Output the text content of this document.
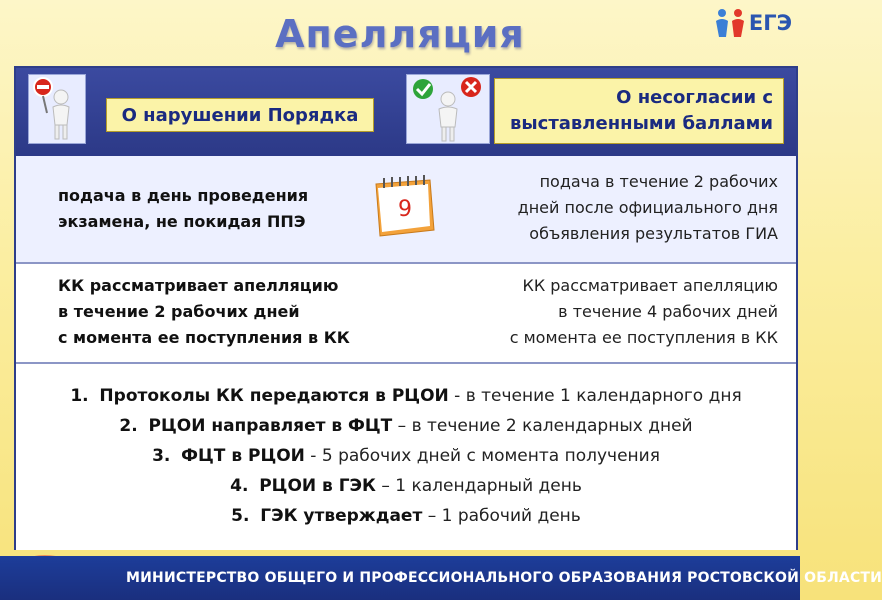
Апелляция	ЕГЭ
О нарушении Порядка
О несогласии с
выставленными баллами
подача в день проведения
экзамена, не покидая ППЭ	9
подача в течение 2 рабочих
дней после официального дня
объявления результатов ГИА
КК рассматривает апелляцию
в течение 2 рабочих дней
с момента ее поступления в КК
КК рассматривает апелляцию
в течение 4 рабочих дней
с момента ее поступления в КК
1. Протоколы КК передаются в РЦОИ - в течение 1 календарного дня
2. РЦОИ направляет в ФЦТ – в течение 2 календарных дней
3. ФЦТ в РЦОИ - 5 рабочих дней с момента получения
4. РЦОИ в ГЭК – 1 календарный день
5. ГЭК утверждает – 1 рабочий день
МИНИСТЕРСТВО ОБЩЕГО И ПРОФЕССИОНАЛЬНОГО ОБРАЗОВАНИЯ РОСТОВСКОЙ ОБЛАСТИ
